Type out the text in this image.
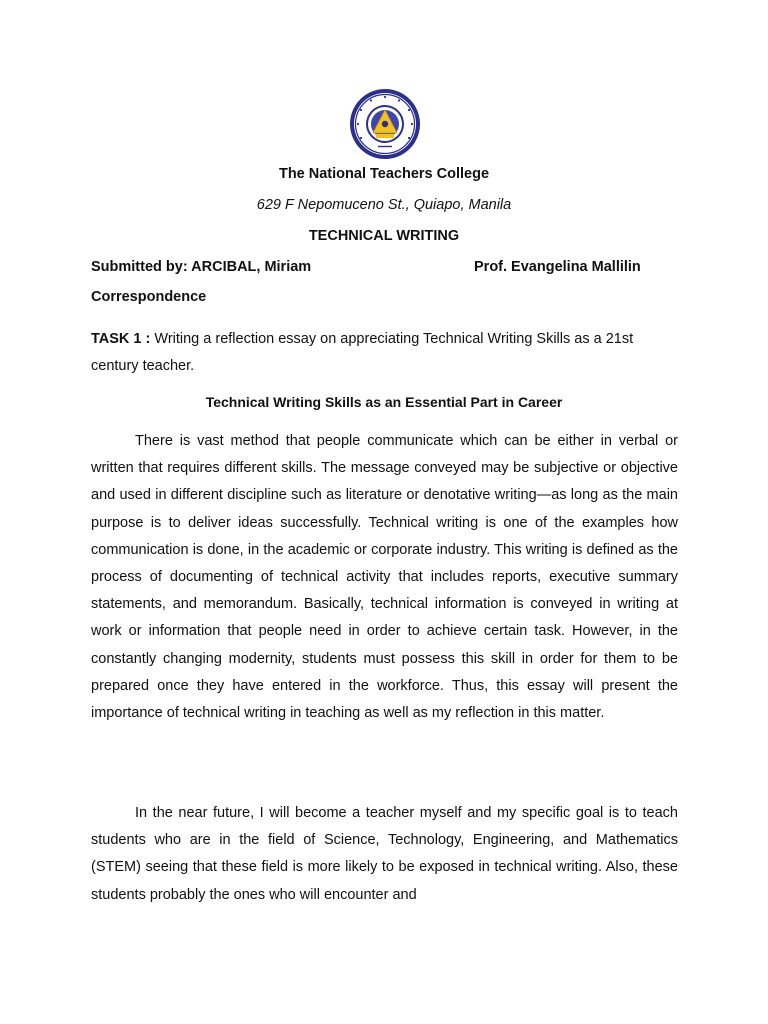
The National Teachers College
629 F Nepomuceno St., Quiapo, Manila
TECHNICAL WRITING
Submitted by: ARCIBAL, Miriam	Prof. Evangelina Mallilin
Correspondence
TASK 1 : Writing a reflection essay on appreciating Technical Writing Skills as a 21st century teacher.
Technical Writing Skills as an Essential Part in Career

There is vast method that people communicate which can be either in verbal or written that requires different skills. The message conveyed may be subjective or objective and used in different discipline such as literature or denotative writing—as long as the main purpose is to deliver ideas successfully. Technical writing is one of the examples how communication is done, in the academic or corporate industry. This writing is defined as the process of documenting of technical activity that includes reports, executive summary statements, and memorandum. Basically, technical information is conveyed in writing at work or information that people need in order to achieve certain task. However, in the constantly changing modernity, students must possess this skill in order for them to be prepared once they have entered in the workforce. Thus, this essay will present the importance of technical writing in teaching as well as my reflection in this matter.

In the near future, I will become a teacher myself and my specific goal is to teach students who are in the field of Science, Technology, Engineering, and Mathematics (STEM) seeing that these field is more likely to be exposed in technical writing. Also, these students probably the ones who will encounter and
